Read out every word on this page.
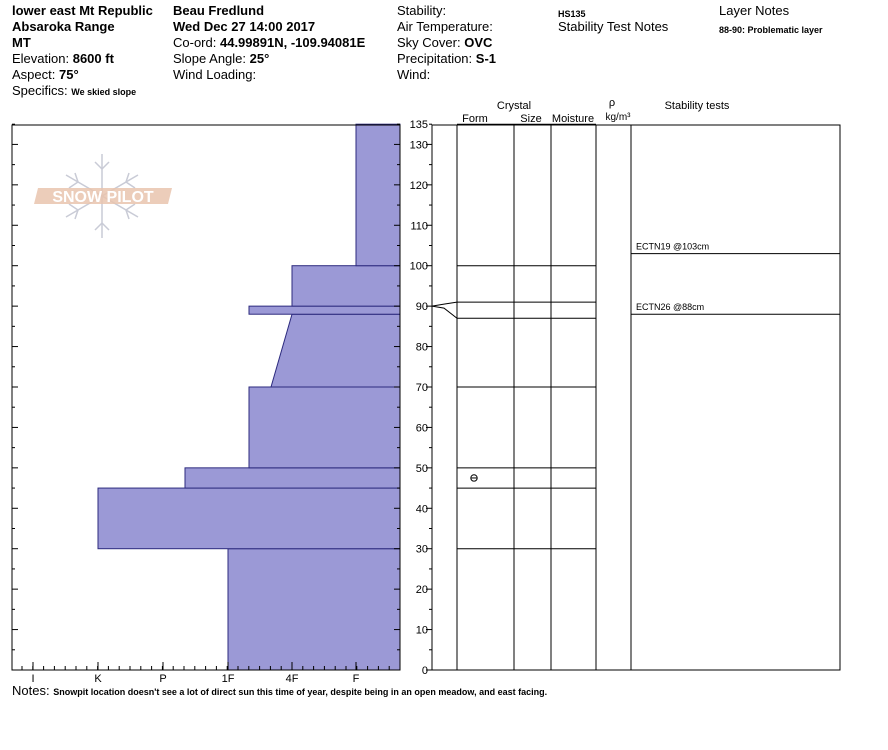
lower east Mt Republic
Absaroka Range
MT
Elevation: 8600 ft
Aspect: 75°
Specifics: We skied slope
Beau Fredlund
Wed Dec 27 14:00 2017
Co-ord: 44.99891N, -109.94081E
Slope Angle: 25°
Wind Loading:
Stability:
Air Temperature:
Sky Cover: OVC
Precipitation: S-1
Wind:
HS135
Stability Test Notes
Layer Notes
88-90: Problematic layer
SNOW PILOT
0
10
20
30
40
50
60
70
80
90
100
110
120
130
135
I	K	P	1F	4F	F
ECTN19 @103cm
ECTN26 @88cm
Crystal
Form	Size Moisture
ρ
kg/m³
Stability tests
Notes: Snowpit location doesn't see a lot of direct sun this time of year, despite being in an open meadow, and east facing.
